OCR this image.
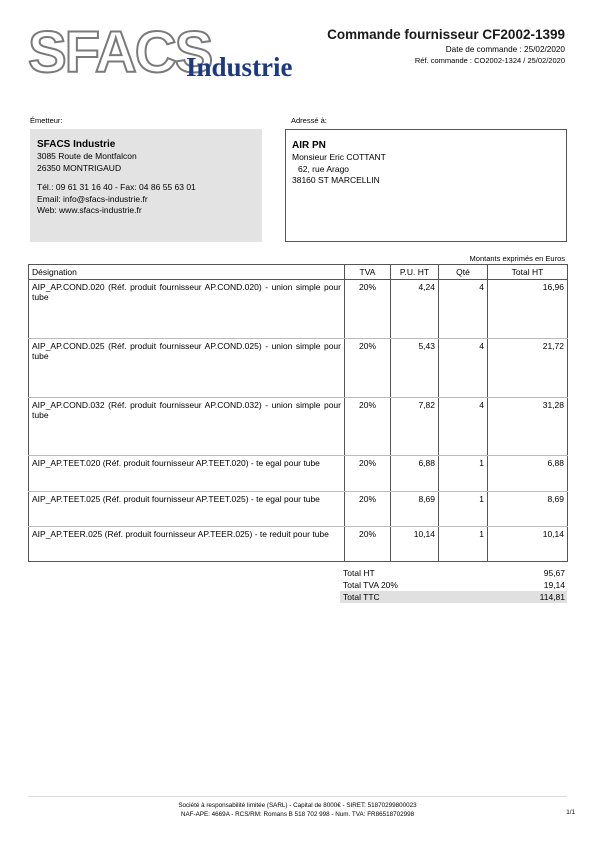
SFACS
Industrie
Commande fournisseur CF2002-1399
Date de commande : 25/02/2020
Réf. commande : CO2002-1324 / 25/02/2020
Émetteur:	Adressé à:
SFACS Industrie
3085 Route de Montfalcon
26350 MONTRIGAUD
Tél.: 09 61 31 16 40 - Fax: 04 86 55 63 01
Email: info@sfacs-industrie.fr
Web: www.sfacs-industrie.fr
AIR PN
Monsieur Eric COTTANT
62, rue Arago
38160 ST MARCELLIN
Montants exprimés en Euros
Désignation	TVA	P.U. HT	Qté	Total HT
AIP_AP.COND.020 (Réf. produit fournisseur AP.COND.020) - union simple pour tube	20%	4,24	4	16,96
AIP_AP.COND.025 (Réf. produit fournisseur AP.COND.025) - union simple pour tube	20%	5,43	4	21,72
AIP_AP.COND.032 (Réf. produit fournisseur AP.COND.032) - union simple pour tube	20%	7,82	4	31,28
AIP_AP.TEET.020 (Réf. produit fournisseur AP.TEET.020) - te egal pour tube	20%	6,88	1	6,88
AIP_AP.TEET.025 (Réf. produit fournisseur AP.TEET.025) - te egal pour tube	20%	8,69	1	8,69
AIP_AP.TEER.025 (Réf. produit fournisseur AP.TEER.025) - te reduit pour tube	20%	10,14	1	10,14
Total HT	95,67
Total TVA 20%	19,14
Total TTC	114,81
Société à responsabilité limitée (SARL) - Capital de 8000€ - SIRET: 51870299800023
NAF-APE: 4669A - RCS/RM: Romans B 518 702 998 - Num. TVA: FR86518702998	1/1
